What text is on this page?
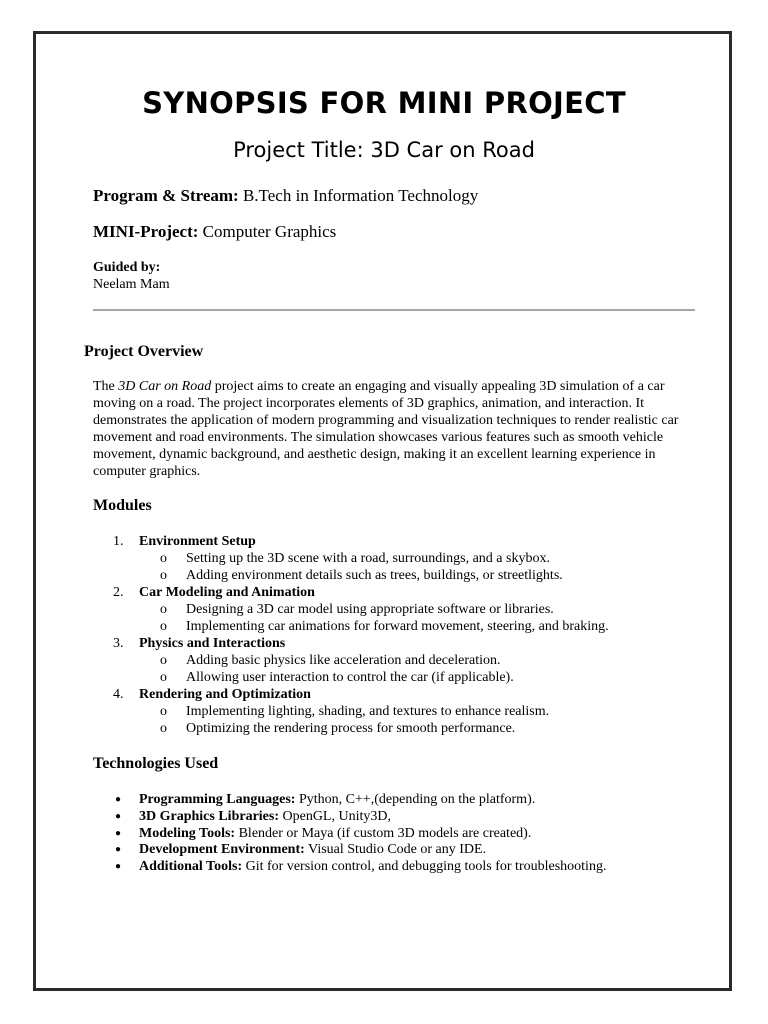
SYNOPSIS FOR MINI PROJECT
Project Title: 3D Car on Road
Program & Stream: B.Tech in Information Technology
MINI-Project: Computer Graphics
Guided by:
Neelam Mam
Project Overview
The 3D Car on Road project aims to create an engaging and visually appealing 3D simulation of a car moving on a road. The project incorporates elements of 3D graphics, animation, and interaction. It demonstrates the application of modern programming and visualization techniques to render realistic car movement and road environments. The simulation showcases various features such as smooth vehicle movement, dynamic background, and aesthetic design, making it an excellent learning experience in computer graphics.
Modules
1. Environment Setup
o Setting up the 3D scene with a road, surroundings, and a skybox.
o Adding environment details such as trees, buildings, or streetlights.
2. Car Modeling and Animation
o Designing a 3D car model using appropriate software or libraries.
o Implementing car animations for forward movement, steering, and braking.
3. Physics and Interactions
o Adding basic physics like acceleration and deceleration.
o Allowing user interaction to control the car (if applicable).
4. Rendering and Optimization
o Implementing lighting, shading, and textures to enhance realism.
o Optimizing the rendering process for smooth performance.
Technologies Used
● Programming Languages: Python, C++,(depending on the platform).
● 3D Graphics Libraries: OpenGL, Unity3D,
● Modeling Tools: Blender or Maya (if custom 3D models are created).
● Development Environment: Visual Studio Code or any IDE.
● Additional Tools: Git for version control, and debugging tools for troubleshooting.
